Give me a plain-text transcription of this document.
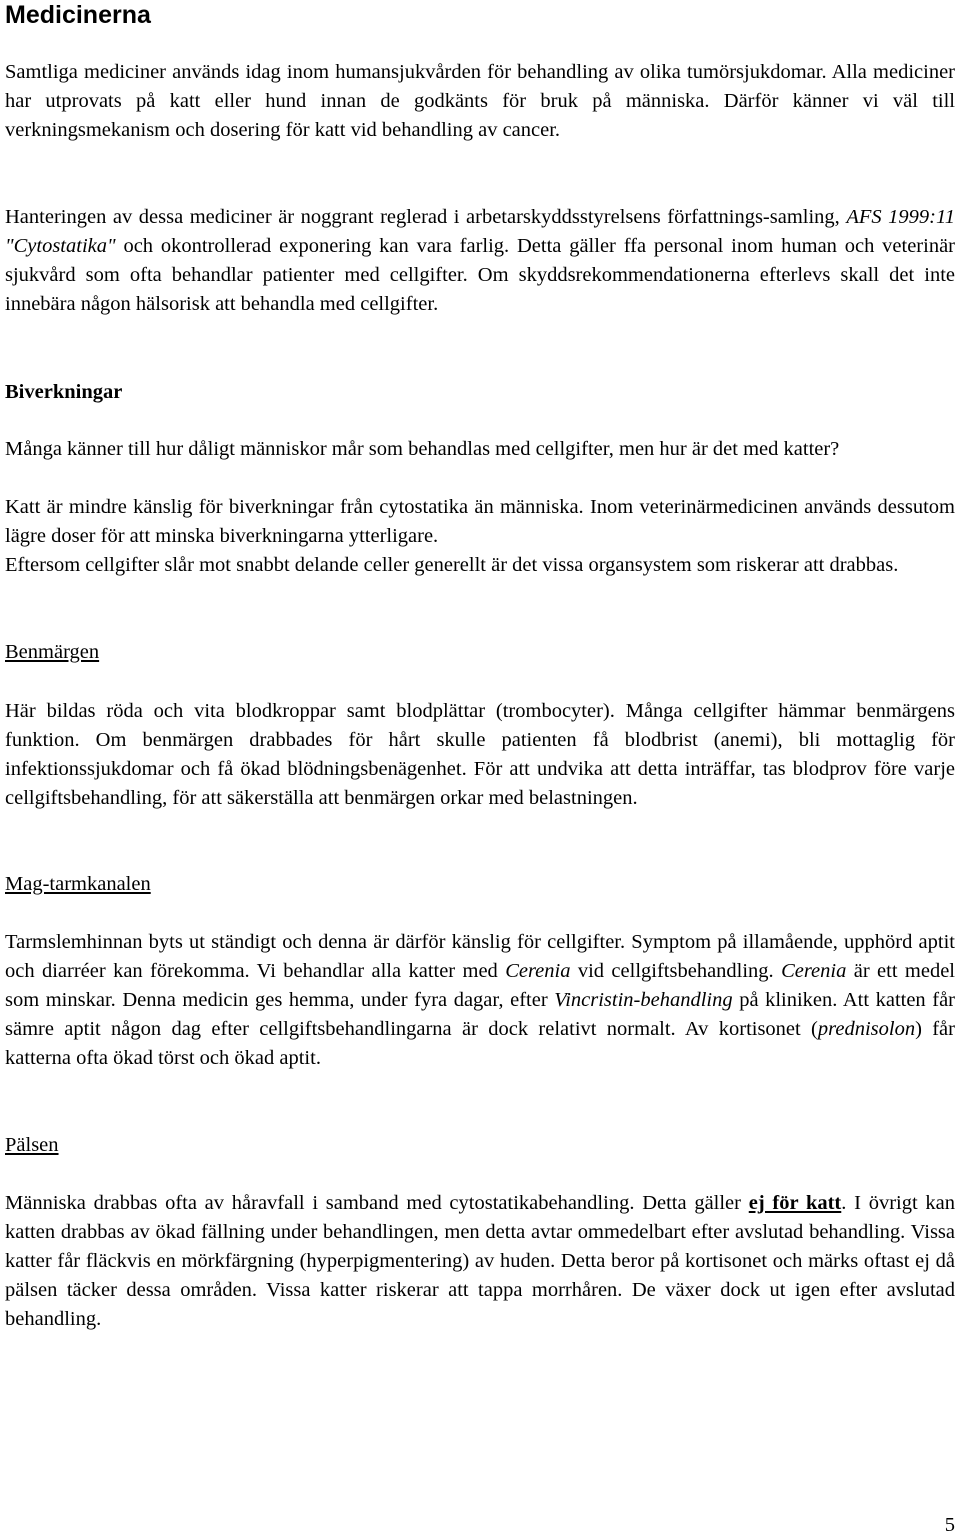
Medicinerna

Samtliga mediciner används idag inom humansjukvården för behandling av olika tumörsjukdomar. Alla mediciner har utprovats på katt eller hund innan de godkänts för bruk på människa. Därför känner vi väl till verkningsmekanism och dosering för katt vid behandling av cancer.

Hanteringen av dessa mediciner är noggrant reglerad i arbetarskyddsstyrelsens författnings-samling, AFS 1999:11 "Cytostatika" och okontrollerad exponering kan vara farlig. Detta gäller ffa personal inom human och veterinär sjukvård som ofta behandlar patienter med cellgifter. Om skyddsrekommendationerna efterlevs skall det inte innebära någon hälsorisk att behandla med cellgifter.

Biverkningar

Många känner till hur dåligt människor mår som behandlas med cellgifter, men hur är det med katter?

Katt är mindre känslig för biverkningar från cytostatika än människa. Inom veterinärmedicinen används dessutom lägre doser för att minska biverkningarna ytterligare.

Eftersom cellgifter slår mot snabbt delande celler generellt är det vissa organsystem som riskerar att drabbas.

Benmärgen

Här bildas röda och vita blodkroppar samt blodplättar (trombocyter). Många cellgifter hämmar benmärgens funktion. Om benmärgen drabbades för hårt skulle patienten få blodbrist (anemi), bli mottaglig för infektionssjukdomar och få ökad blödningsbenägenhet. För att undvika att detta inträffar, tas blodprov före varje cellgiftsbehandling, för att säkerställa att benmärgen orkar med belastningen.

Mag-tarmkanalen

Tarmslemhinnan byts ut ständigt och denna är därför känslig för cellgifter. Symptom på illamående, upphörd aptit och diarréer kan förekomma. Vi behandlar alla katter med Cerenia vid cellgiftsbehandling. Cerenia är ett medel som minskar. Denna medicin ges hemma, under fyra dagar, efter Vincristin-behandling på kliniken. Att katten får sämre aptit någon dag efter cellgiftsbehandlingarna är dock relativt normalt. Av kortisonet (prednisolon) får katterna ofta ökad törst och ökad aptit.

Pälsen

Människa drabbas ofta av håravfall i samband med cytostatikabehandling. Detta gäller ej för katt. I övrigt kan katten drabbas av ökad fällning under behandlingen, men detta avtar ommedelbart efter avslutad behandling. Vissa katter får fläckvis en mörkfärgning (hyperpigmentering) av huden. Detta beror på kortisonet och märks oftast ej då pälsen täcker dessa områden. Vissa katter riskerar att tappa morrhåren. De växer dock ut igen efter avslutad behandling.

5
